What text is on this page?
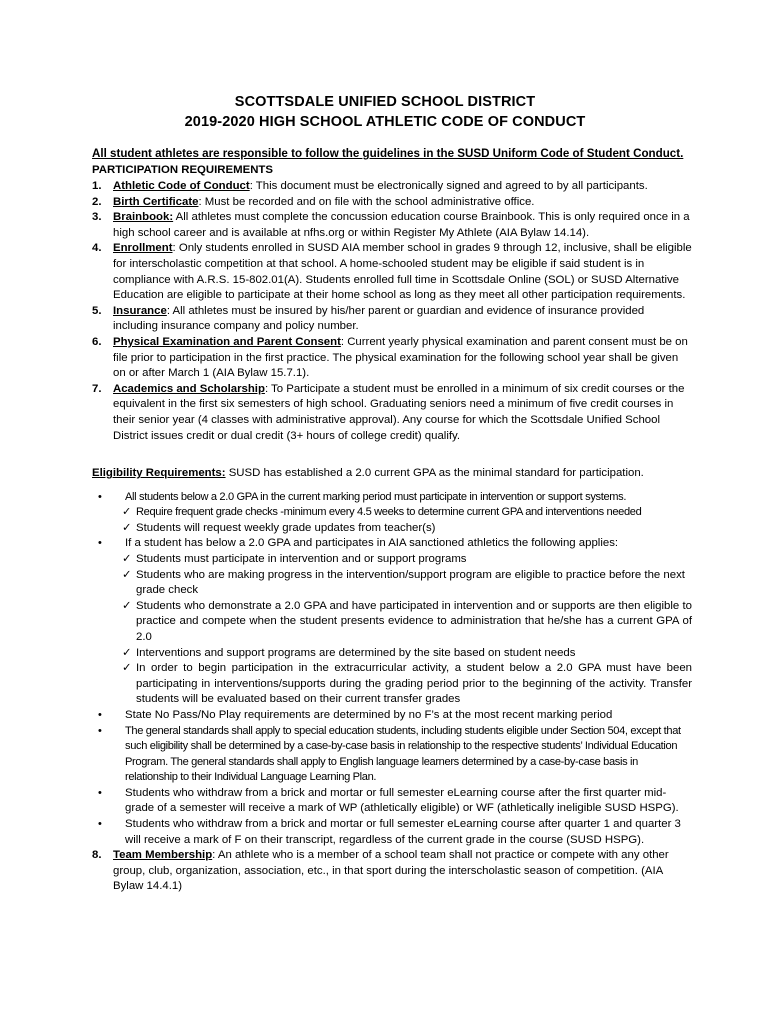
SCOTTSDALE UNIFIED SCHOOL DISTRICT
2019-2020 HIGH SCHOOL ATHLETIC CODE OF CONDUCT
All student athletes are responsible to follow the guidelines in the SUSD Uniform Code of Student Conduct.
PARTICIPATION REQUIREMENTS
1. Athletic Code of Conduct: This document must be electronically signed and agreed to by all participants.
2. Birth Certificate: Must be recorded and on file with the school administrative office.
3. Brainbook: All athletes must complete the concussion education course Brainbook. This is only required once in a high school career and is available at nfhs.org or within Register My Athlete (AIA Bylaw 14.14).
4. Enrollment: Only students enrolled in SUSD AIA member school in grades 9 through 12, inclusive, shall be eligible for interscholastic competition at that school. A home-schooled student may be eligible if said student is in compliance with A.R.S. 15-802.01(A). Students enrolled full time in Scottsdale Online (SOL) or SUSD Alternative Education are eligible to participate at their home school as long as they meet all other participation requirements.
5. Insurance: All athletes must be insured by his/her parent or guardian and evidence of insurance provided including insurance company and policy number.
6. Physical Examination and Parent Consent: Current yearly physical examination and parent consent must be on file prior to participation in the first practice. The physical examination for the following school year shall be given on or after March 1 (AIA Bylaw 15.7.1).
7. Academics and Scholarship: To Participate a student must be enrolled in a minimum of six credit courses or the equivalent in the first six semesters of high school. Graduating seniors need a minimum of five credit courses in their senior year (4 classes with administrative approval). Any course for which the Scottsdale Unified School District issues credit or dual credit (3+ hours of college credit) qualify.
Eligibility Requirements: SUSD has established a 2.0 current GPA as the minimal standard for participation.
• All students below a 2.0 GPA in the current marking period must participate in intervention or support systems.
✓ Require frequent grade checks -minimum every 4.5 weeks to determine current GPA and interventions needed
✓ Students will request weekly grade updates from teacher(s)
• If a student has below a 2.0 GPA and participates in AIA sanctioned athletics the following applies:
✓ Students must participate in intervention and or support programs
✓ Students who are making progress in the intervention/support program are eligible to practice before the next grade check
✓ Students who demonstrate a 2.0 GPA and have participated in intervention and or supports are then eligible to practice and compete when the student presents evidence to administration that he/she has a current GPA of 2.0
✓ Interventions and support programs are determined by the site based on student needs
✓ In order to begin participation in the extracurricular activity, a student below a 2.0 GPA must have been participating in interventions/supports during the grading period prior to the beginning of the activity. Transfer students will be evaluated based on their current transfer grades
• State No Pass/No Play requirements are determined by no F’s at the most recent marking period
• The general standards shall apply to special education students, including students eligible under Section 504, except that such eligibility shall be determined by a case-by-case basis in relationship to the respective students’ Individual Education Program. The general standards shall apply to English language learners determined by a case-by-case basis in relationship to their Individual Language Learning Plan.
• Students who withdraw from a brick and mortar or full semester eLearning course after the first quarter mid-grade of a semester will receive a mark of WP (athletically eligible) or WF (athletically ineligible SUSD HSPG).
• Students who withdraw from a brick and mortar or full semester eLearning course after quarter 1 and quarter 3 will receive a mark of F on their transcript, regardless of the current grade in the course (SUSD HSPG).
8. Team Membership: An athlete who is a member of a school team shall not practice or compete with any other group, club, organization, association, etc., in that sport during the interscholastic season of competition. (AIA Bylaw 14.4.1)
